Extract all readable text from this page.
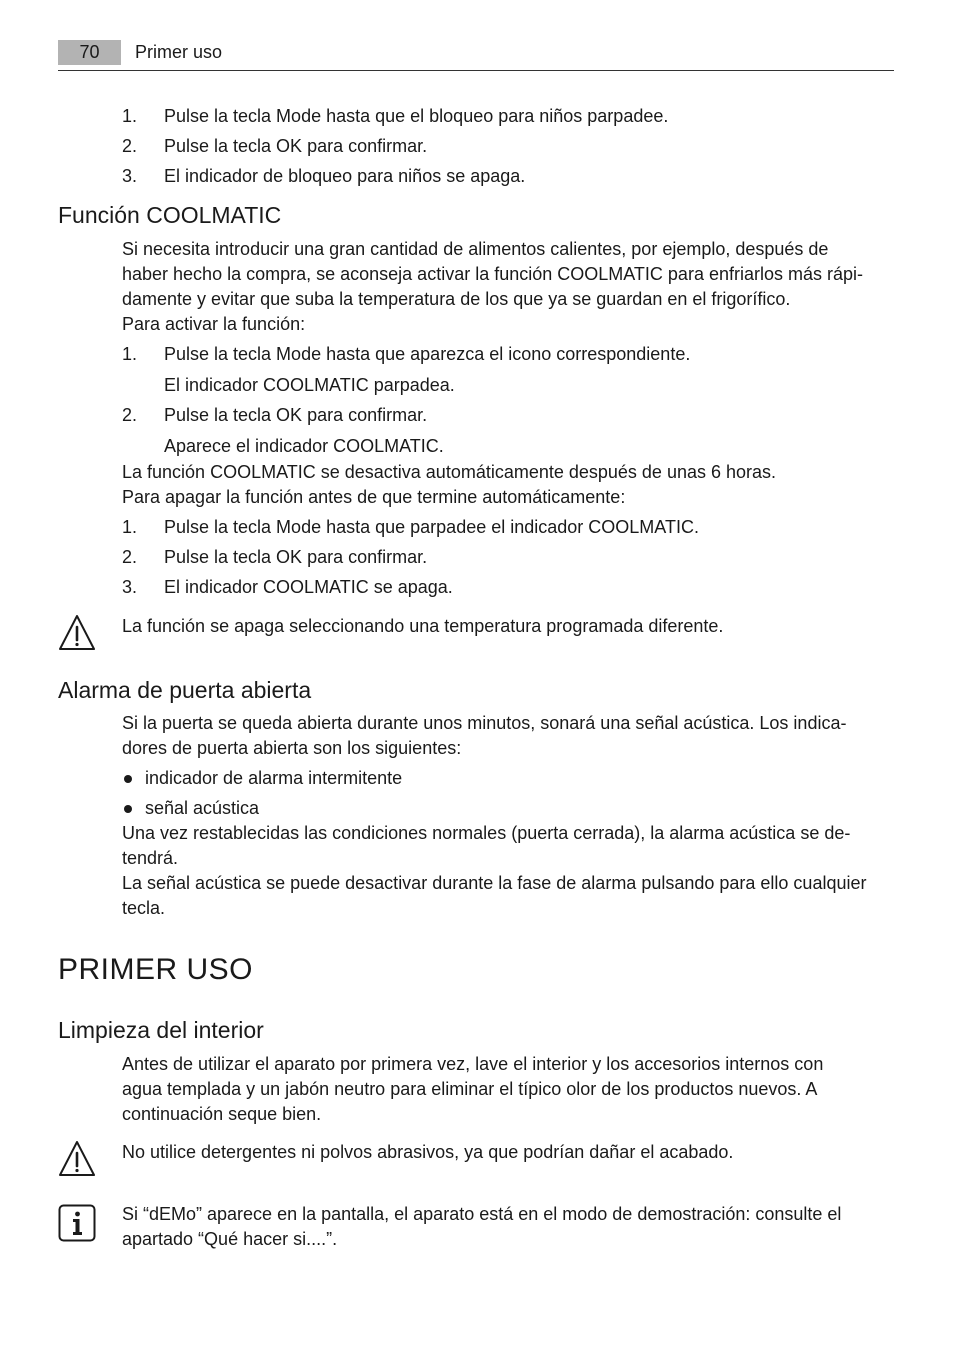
70	Primer uso
1. Pulse la tecla Mode hasta que el bloqueo para niños parpadee.
2. Pulse la tecla OK para confirmar.
3. El indicador de bloqueo para niños se apaga.
Función COOLMATIC
Si necesita introducir una gran cantidad de alimentos calientes, por ejemplo, después de
haber hecho la compra, se aconseja activar la función COOLMATIC para enfriarlos más rápi-
damente y evitar que suba la temperatura de los que ya se guardan en el frigorífico.
Para activar la función:
1. Pulse la tecla Mode hasta que aparezca el icono correspondiente.
El indicador COOLMATIC parpadea.
2. Pulse la tecla OK para confirmar.
Aparece el indicador COOLMATIC.
La función COOLMATIC se desactiva automáticamente después de unas 6 horas.
Para apagar la función antes de que termine automáticamente:
1. Pulse la tecla Mode hasta que parpadee el indicador COOLMATIC.
2. Pulse la tecla OK para confirmar.
3. El indicador COOLMATIC se apaga.
La función se apaga seleccionando una temperatura programada diferente.
Alarma de puerta abierta
Si la puerta se queda abierta durante unos minutos, sonará una señal acústica. Los indica-
dores de puerta abierta son los siguientes:
indicador de alarma intermitente
señal acústica
Una vez restablecidas las condiciones normales (puerta cerrada), la alarma acústica se de-
tendrá.
La señal acústica se puede desactivar durante la fase de alarma pulsando para ello cualquier
tecla.
PRIMER USO
Limpieza del interior
Antes de utilizar el aparato por primera vez, lave el interior y los accesorios internos con
agua templada y un jabón neutro para eliminar el típico olor de los productos nuevos. A
continuación seque bien.
No utilice detergentes ni polvos abrasivos, ya que podrían dañar el acabado.
Si “dEMo” aparece en la pantalla, el aparato está en el modo de demostración: consulte el
apartado “Qué hacer si....”.
